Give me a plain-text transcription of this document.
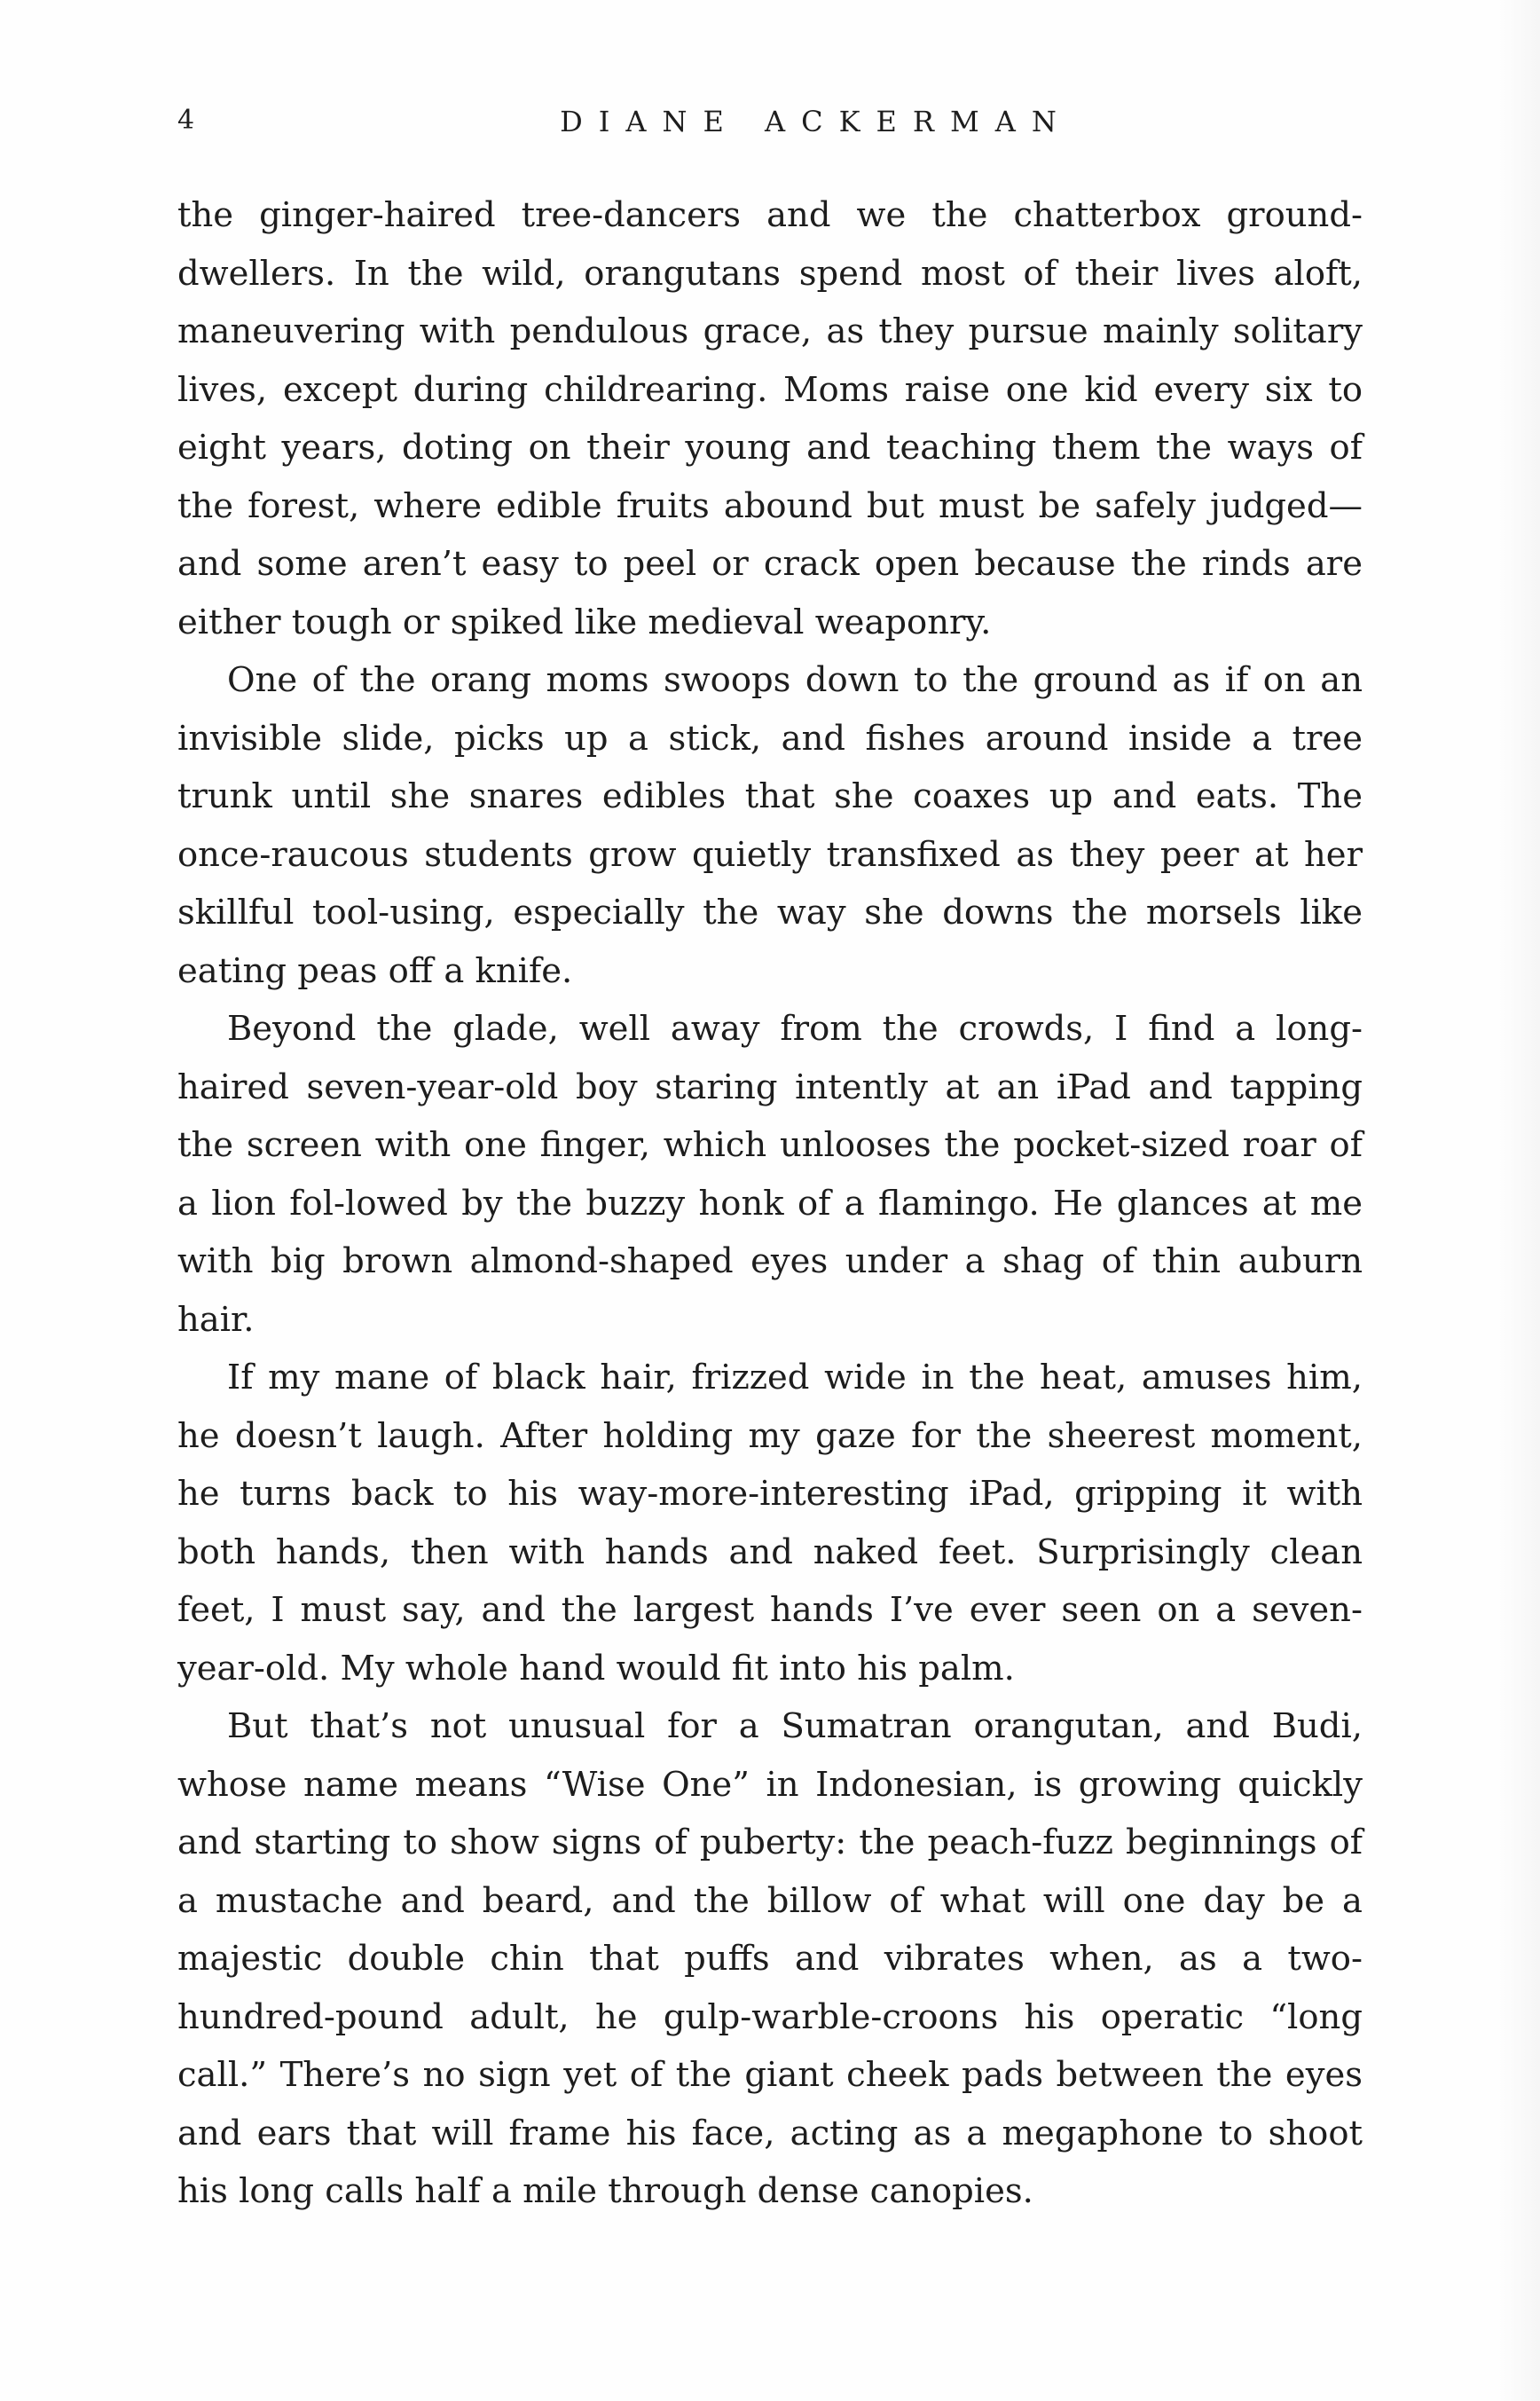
4	DIANE ACKERMAN

the ginger-haired tree-dancers and we the chatterbox ground-dwellers. In the wild, orangutans spend most of their lives aloft, maneuvering with pendulous grace, as they pursue mainly solitary lives, except during childrearing. Moms raise one kid every six to eight years, doting on their young and teaching them the ways of the forest, where edible fruits abound but must be safely judged—and some aren’t easy to peel or crack open because the rinds are either tough or spiked like medieval weaponry.

One of the orang moms swoops down to the ground as if on an invisible slide, picks up a stick, and fishes around inside a tree trunk until she snares edibles that she coaxes up and eats. The once-raucous students grow quietly transfixed as they peer at her skillful tool-using, especially the way she downs the morsels like eating peas off a knife.

Beyond the glade, well away from the crowds, I find a long-haired seven-year-old boy staring intently at an iPad and tapping the screen with one finger, which unlooses the pocket-sized roar of a lion fol-lowed by the buzzy honk of a flamingo. He glances at me with big brown almond-shaped eyes under a shag of thin auburn hair.

If my mane of black hair, frizzed wide in the heat, amuses him, he doesn’t laugh. After holding my gaze for the sheerest moment, he turns back to his way-more-interesting iPad, gripping it with both hands, then with hands and naked feet. Surprisingly clean feet, I must say, and the largest hands I’ve ever seen on a seven-year-old. My whole hand would fit into his palm.

But that’s not unusual for a Sumatran orangutan, and Budi, whose name means “Wise One” in Indonesian, is growing quickly and starting to show signs of puberty: the peach-fuzz beginnings of a mustache and beard, and the billow of what will one day be a majestic double chin that puffs and vibrates when, as a two-hundred-pound adult, he gulp-warble-croons his operatic “long call.” There’s no sign yet of the giant cheek pads between the eyes and ears that will frame his face, acting as a megaphone to shoot his long calls half a mile through dense canopies.
